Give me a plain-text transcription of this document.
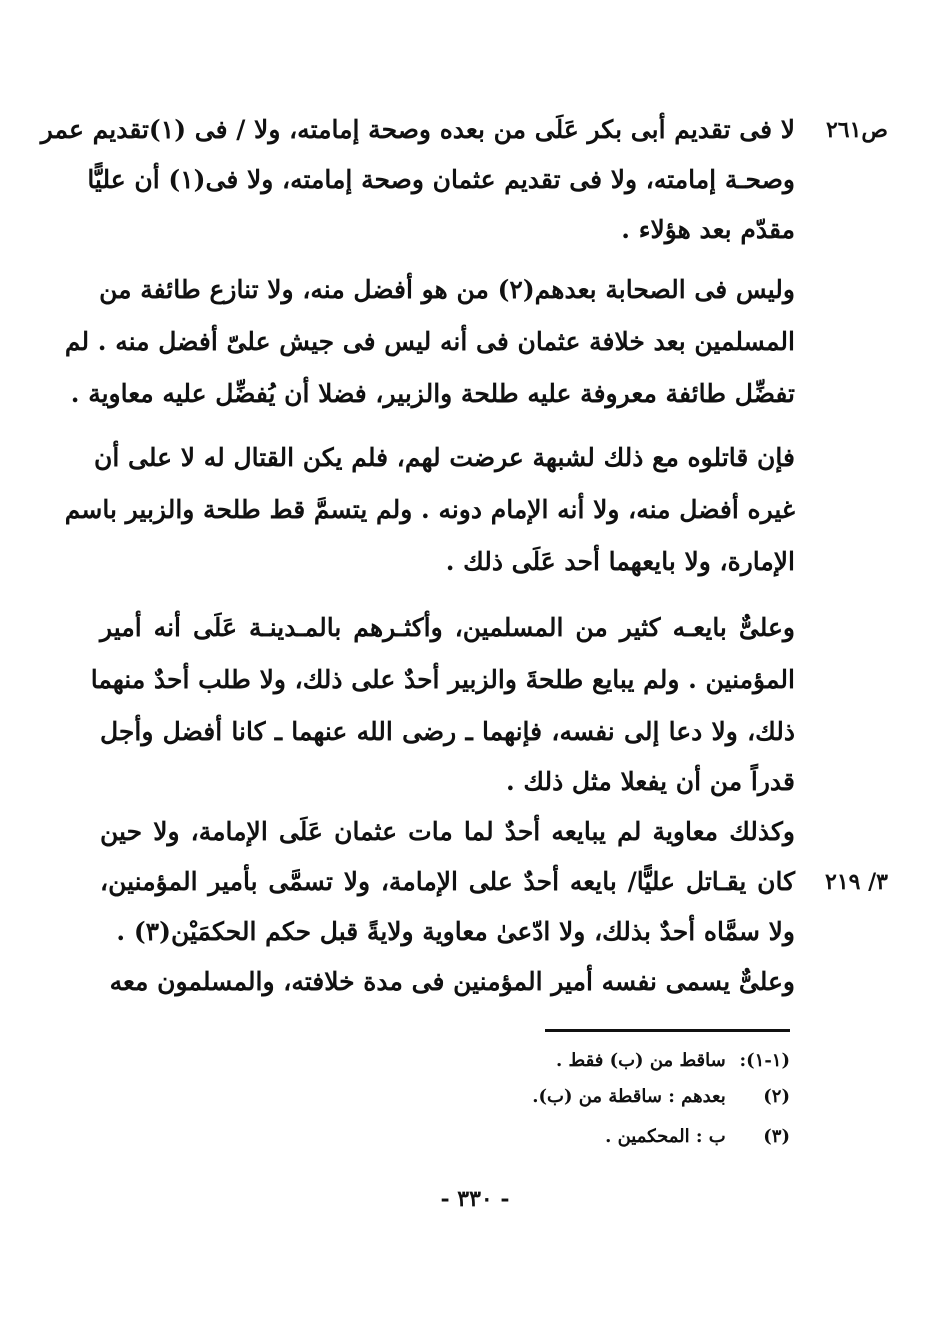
ص٢٦١
٣/ ٢١٩
لا فى تقديم أبى بكر عَلَى من بعده وصحة إمامته، ولا / فى (١)تقديم عمر
وصحـة إمامته، ولا فى تقديم عثمان وصحة إمامته، ولا فى(١) أن عليًّا
مقدّم بعد هؤلاء .
وليس فى الصحابة بعدهم(٢) من هو أفضل منه، ولا تنازع طائفة من
المسلمين بعد خلافة عثمان فى أنه ليس فى جيش علىّ أفضل منه . لم
تفضِّل طائفة معروفة عليه طلحة والزبير، فضلا أن يُفضِّل عليه معاوية .
فإن قاتلوه مع ذلك لشبهة عرضت لهم، فلم يكن القتال له لا على أن
غيره أفضل منه، ولا أنه الإمام دونه . ولم يتسمَّ قط طلحة والزبير باسم
الإمارة، ولا بايعهما أحد عَلَى ذلك .
وعلىٌّ بايعـه كثير من المسلمين، وأكثـرهم بالمـدينـة عَلَى أنه أمير
المؤمنين . ولم يبايع طلحةَ والزبير أحدٌ على ذلك، ولا طلب أحدٌ منهما
ذلك، ولا دعا إلى نفسه، فإنهما ـ رضى الله عنهما ـ كانا أفضل وأجل
قدراً من أن يفعلا مثل ذلك .
وكذلك معاوية لم يبايعه أحدٌ لما مات عثمان عَلَى الإمامة، ولا حين
كان يقـاتل عليًّا/ بايعه أحدٌ على الإمامة، ولا تسمَّى بأمير المؤمنين،
ولا سمَّاه أحدٌ بذلك، ولا ادّعىٰ معاوية ولايةً قبل حكم الحكمَيْن(٣) .
وعلىٌّ يسمى نفسه أمير المؤمنين فى مدة خلافته، والمسلمون معه
(١-١): ساقط من (ب) فقط .
(٢) بعدهم : ساقطة من (ب).
(٣) ب : المحكمين .
- ٣٣٠ -
